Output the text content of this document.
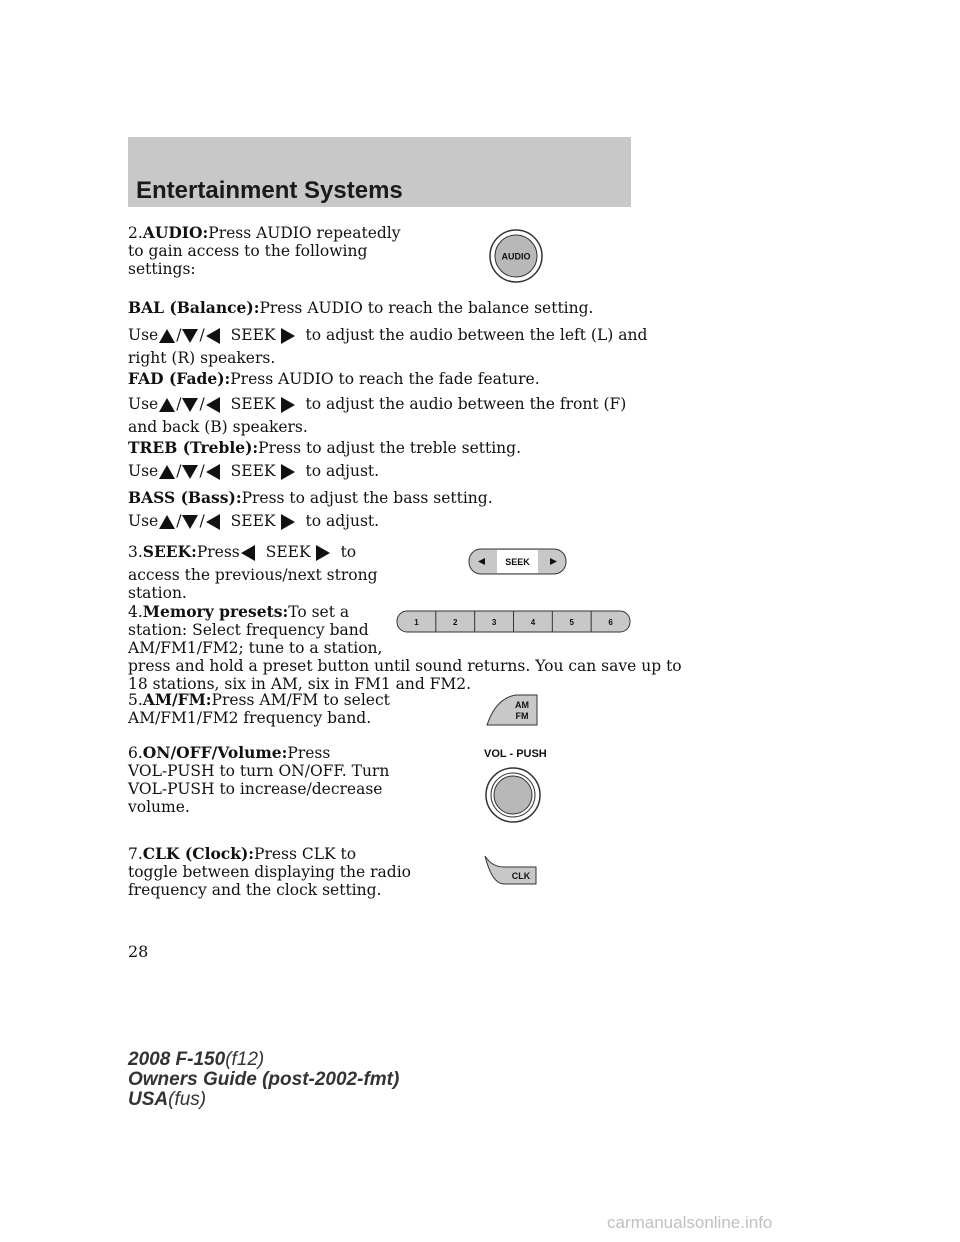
Entertainment Systems
2.AUDIO:Press AUDIO repeatedly
to gain access to the following
settings:
AUDIO
BAL (Balance):Press AUDIO to reach the balance setting.
Use / / SEEK to adjust the audio between the left (L) and
right (R) speakers.
FAD (Fade):Press AUDIO to reach the fade feature.
Use / / SEEK to adjust the audio between the front (F)
and back (B) speakers.
TREB (Treble):Press to adjust the treble setting.
Use / / SEEK to adjust.
BASS (Bass):Press to adjust the bass setting.
Use / / SEEK to adjust.
3.SEEK:Press SEEK to
access the previous/next strong
station.
SEEK
4.Memory presets:To set a
station: Select frequency band
AM/FM1/FM2; tune to a station,
press and hold a preset button until sound returns. You can save up to
18 stations, six in AM, six in FM1 and FM2.
1	2	3	4	5	6
5.AM/FM:Press AM/FM to select
AM/FM1/FM2 frequency band.
AM
FM
6.ON/OFF/Volume:Press
VOL-PUSH to turn ON/OFF. Turn
VOL-PUSH to increase/decrease
volume.
VOL - PUSH
7.CLK (Clock):Press CLK to
toggle between displaying the radio
frequency and the clock setting.
CLK
28
2008 F-150(f12)
Owners Guide (post-2002-fmt)
USA(fus)
carmanualsonline.info
